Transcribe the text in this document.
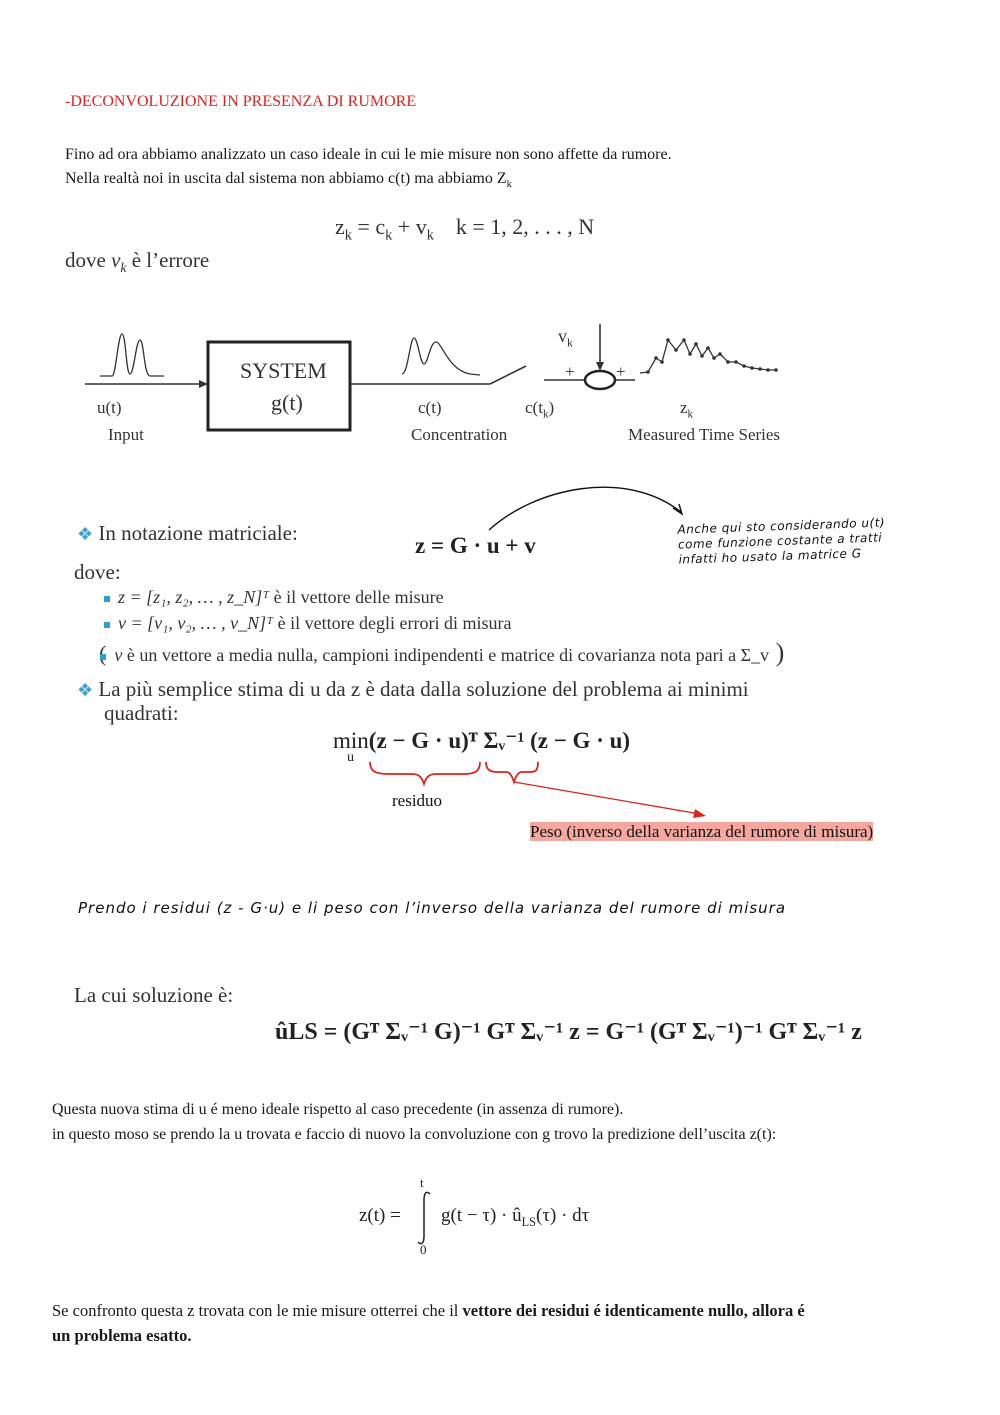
-DECONVOLUZIONE IN PRESENZA DI RUMORE
Fino ad ora abbiamo analizzato un caso ideale in cui le mie misure non sono affette da rumore.
Nella realtà noi in uscita dal sistema non abbiamo c(t) ma abbiamo $Z_k$
$z_k = c_k + v_k$ k = 1, 2, . . . , N
dove $v_k$ è l’errore
SYSTEM
g(t)
u(t)
Input
c(t)
Concentration
$c(t_k)$
$v_k$
+ +
$z_k$
Measured Time Series
❖ In notazione matriciale:	z = G · u + v
Anche qui sto considerando u(t)
come funzione costante a tratti
infatti ho usato la matrice G
dove:
z = [z₁, z₂, … , z_N]ᵀ è il vettore delle misure
v = [v₁, v₂, … , v_N]ᵀ è il vettore degli errori di misura
v è un vettore a media nulla, campioni indipendenti e matrice di covarianza nota pari a Σ_v )
❖ La più semplice stima di u da z è data dalla soluzione del problema ai minimi
quadrati:
min(z − G · u)ᵀ Σᵥ⁻¹ (z − G · u)
u
residuo
Peso (inverso della varianza del rumore di misura)
Prendo i residui (z - G·u) e li peso con l’inverso della varianza del rumore di misura
La cui soluzione è:
ûLS = (Gᵀ Σᵥ⁻¹ G)⁻¹ Gᵀ Σᵥ⁻¹ z = G⁻¹ (Gᵀ Σᵥ⁻¹)⁻¹ Gᵀ Σᵥ⁻¹ z
Questa nuova stima di u é meno ideale rispetto al caso precedente (in assenza di rumore).
in questo moso se prendo la u trovata e faccio di nuovo la convoluzione con g trovo la predizione dell’uscita z(t):
z(t) =
t
0
$g(t - \tau) \cdot û_{LS}(\tau) \cdot d\tau$
Se confronto questa z trovata con le mie misure otterrei che il vettore dei residui é identicamente nullo, allora é
un problema esatto.
